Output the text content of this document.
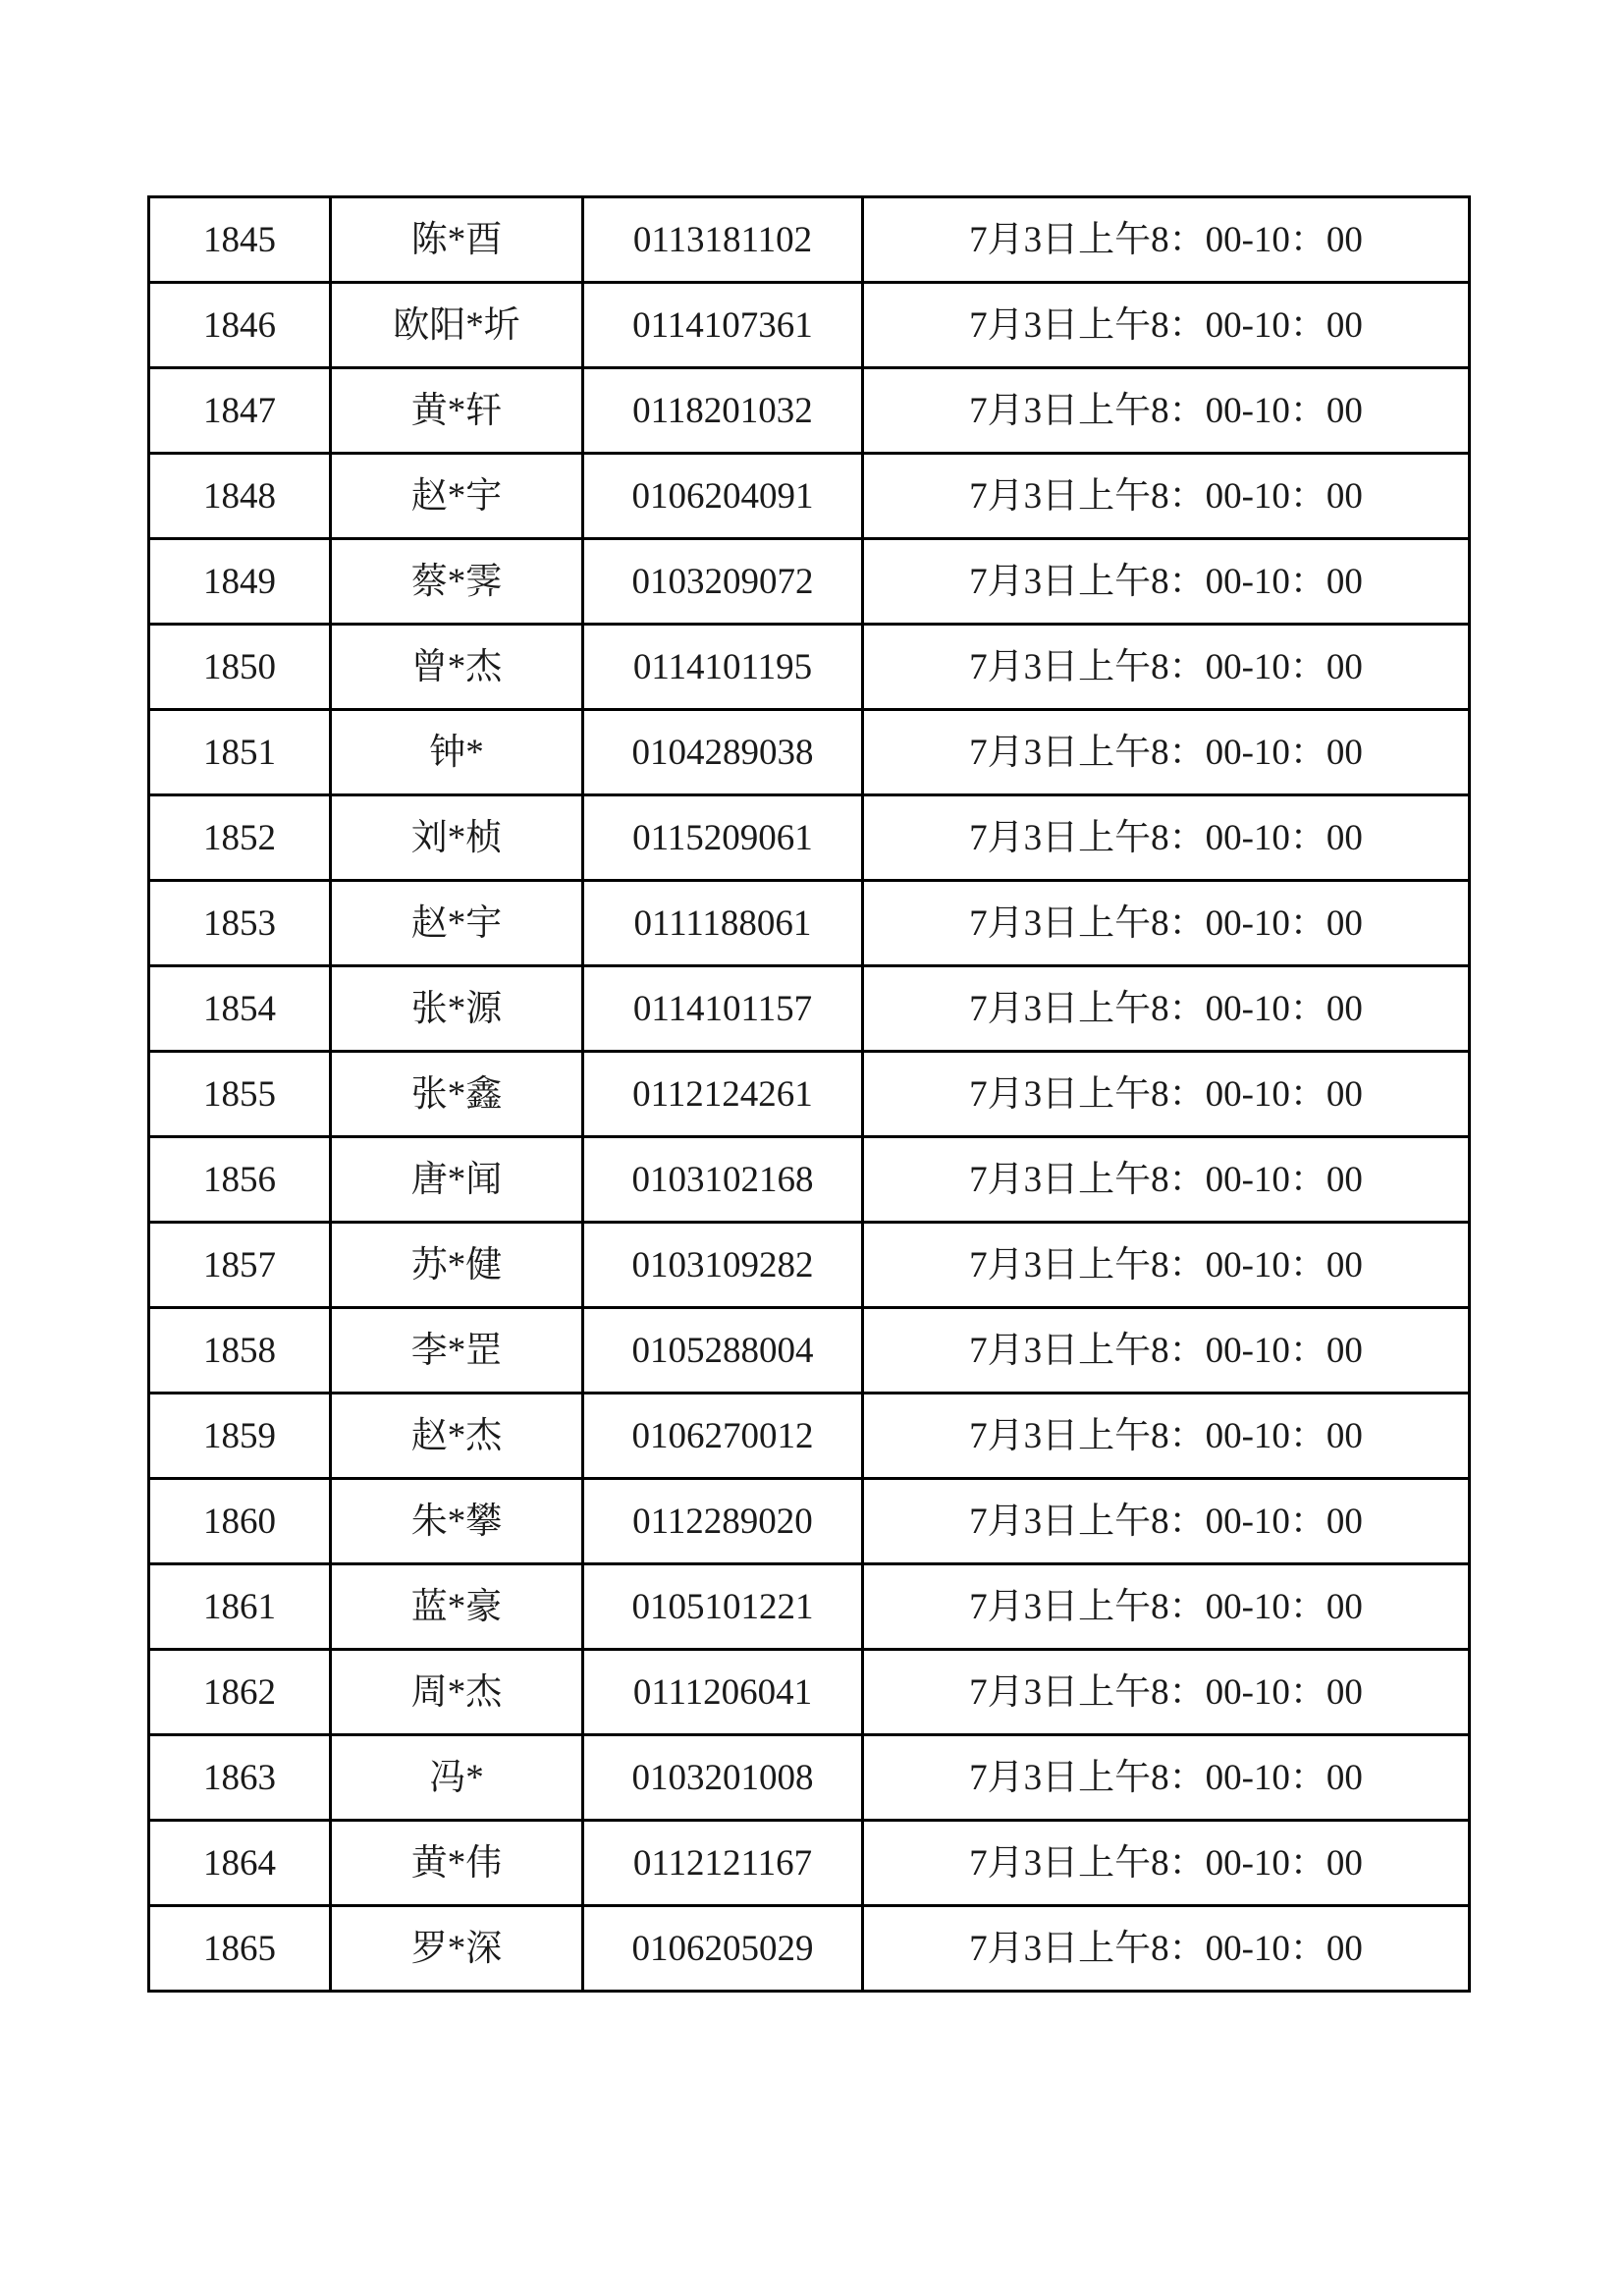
1845	陈*酉	0113181102	7月3日上午8：00-10：00
1846	欧阳*圻	0114107361	7月3日上午8：00-10：00
1847	黄*轩	0118201032	7月3日上午8：00-10：00
1848	赵*宇	0106204091	7月3日上午8：00-10：00
1849	蔡*霁	0103209072	7月3日上午8：00-10：00
1850	曾*杰	0114101195	7月3日上午8：00-10：00
1851	钟*	0104289038	7月3日上午8：00-10：00
1852	刘*桢	0115209061	7月3日上午8：00-10：00
1853	赵*宇	0111188061	7月3日上午8：00-10：00
1854	张*源	0114101157	7月3日上午8：00-10：00
1855	张*鑫	0112124261	7月3日上午8：00-10：00
1856	唐*闻	0103102168	7月3日上午8：00-10：00
1857	苏*健	0103109282	7月3日上午8：00-10：00
1858	李*罡	0105288004	7月3日上午8：00-10：00
1859	赵*杰	0106270012	7月3日上午8：00-10：00
1860	朱*攀	0112289020	7月3日上午8：00-10：00
1861	蓝*豪	0105101221	7月3日上午8：00-10：00
1862	周*杰	0111206041	7月3日上午8：00-10：00
1863	冯*	0103201008	7月3日上午8：00-10：00
1864	黄*伟	0112121167	7月3日上午8：00-10：00
1865	罗*深	0106205029	7月3日上午8：00-10：00
